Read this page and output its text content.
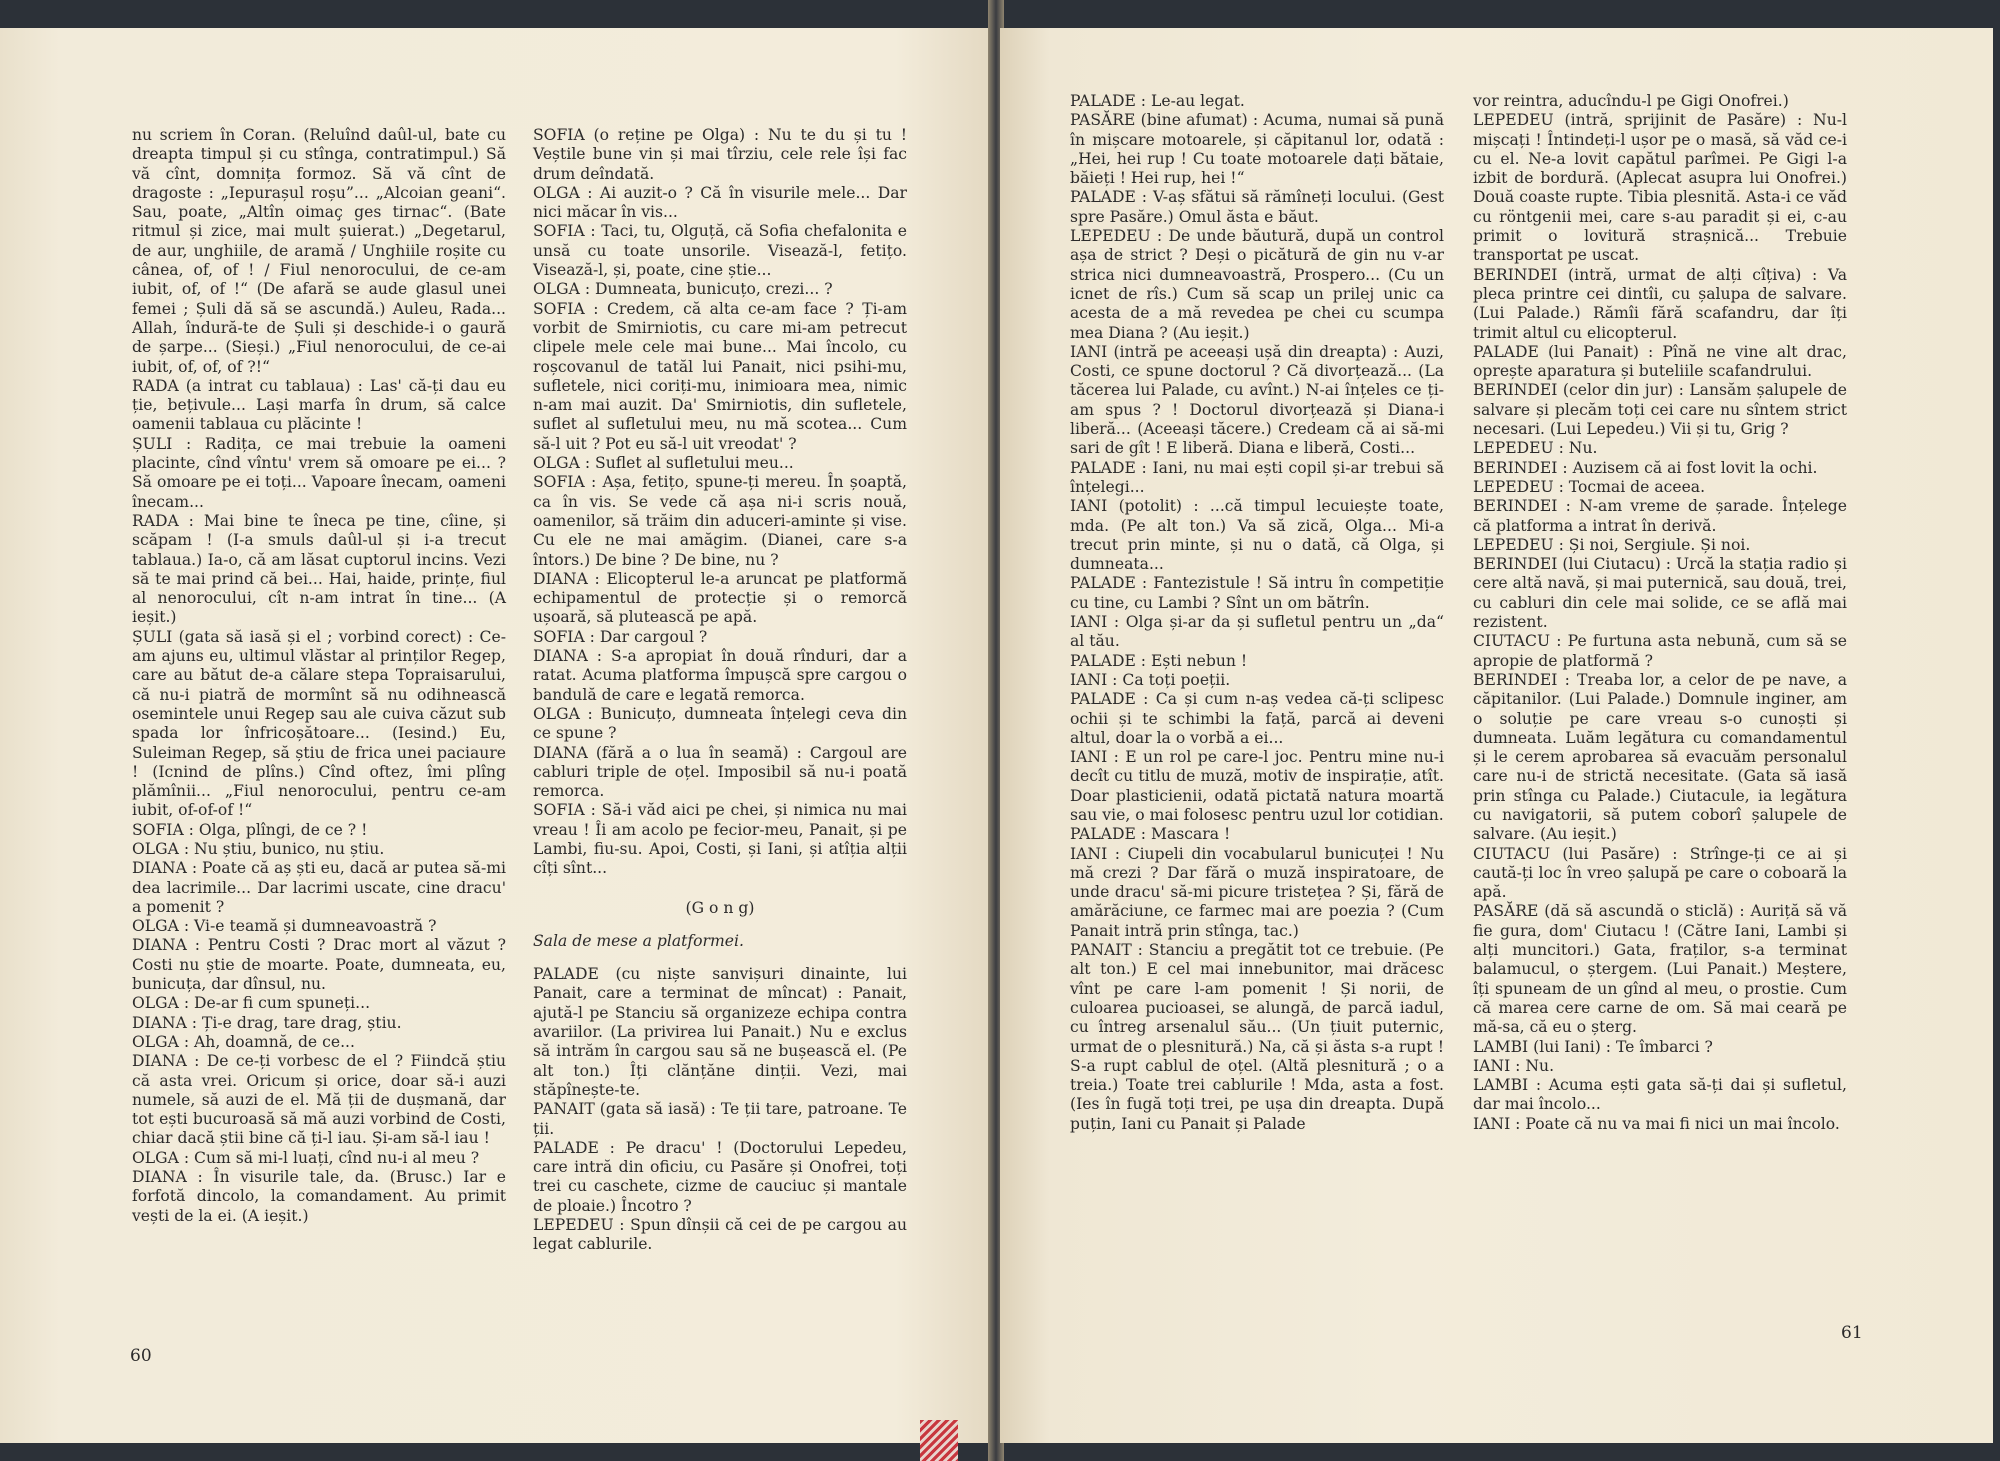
nu scriem în Coran. (Reluînd daûl-ul, bate cu dreapta timpul și cu stînga, contratimpul.) Să vă cînt, domnița formoz. Să vă cînt de dragoste : „Iepurașul roșu”... „Alcoian geani“. Sau, poate, „Altîn oimaç ges tirnac“. (Bate ritmul și zice, mai mult șuierat.) „Degetarul, de aur, unghiile, de aramă / Unghiile roșite cu cânea, of, of ! / Fiul nenorocului, de ce-am iubit, of, of !“ (De afară se aude glasul unei femei ; Șuli dă să se ascundă.) Auleu, Rada... Allah, îndură-te de Șuli și deschide-i o gaură de șarpe... (Sieși.) „Fiul nenorocului, de ce-ai iubit, of, of, of ?!“

RADA (a intrat cu tablaua) : Las' că-ți dau eu ție, bețivule... Lași marfa în drum, să calce oamenii tablaua cu plăcinte !

ȘULI : Radița, ce mai trebuie la oameni placinte, cînd vîntu' vrem să omoare pe ei... ? Să omoare pe ei toți... Vapoare înecam, oameni înecam...

RADA : Mai bine te îneca pe tine, cîine, și scăpam ! (I-a smuls daûl-ul și i-a trecut tablaua.) Ia-o, că am lăsat cuptorul incins. Vezi să te mai prind că bei... Hai, haide, prințe, fiul al nenorocului, cît n-am intrat în tine... (A ieșit.)

ȘULI (gata să iasă și el ; vorbind corect) : Ce-am ajuns eu, ultimul vlăstar al prinților Regep, care au bătut de-a călare stepa Topraisarului, că nu-i piatră de mormînt să nu odihnească osemintele unui Regep sau ale cuiva căzut sub spada lor înfricoșătoare... (Iesind.) Eu, Suleiman Regep, să știu de frica unei paciaure ! (Icnind de plîns.) Cînd oftez, îmi plîng plămînii... „Fiul nenorocului, pentru ce-am iubit, of-of-of !“

SOFIA : Olga, plîngi, de ce ? !

OLGA : Nu știu, bunico, nu știu.

DIANA : Poate că aș ști eu, dacă ar putea să-mi dea lacrimile... Dar lacrimi uscate, cine dracu' a pomenit ?

OLGA : Vi-e teamă și dumneavoastră ?

DIANA : Pentru Costi ? Drac mort al văzut ? Costi nu știe de moarte. Poate, dumneata, eu, bunicuța, dar dînsul, nu.

OLGA : De-ar fi cum spuneți...

DIANA : Ți-e drag, tare drag, știu.

OLGA : Ah, doamnă, de ce...

DIANA : De ce-ți vorbesc de el ? Fiindcă știu că asta vrei. Oricum și oricе, doar să-i auzi numele, să auzi de el. Mă ții de dușmană, dar tot ești bucuroasă să mă auzi vorbind de Costi, chiar dacă știi bine că ți-l iau. Și-am să-l iau !

OLGA : Cum să mi-l luați, cînd nu-i al meu ?

DIANA : În visurile tale, da. (Brusc.) Iar e forfotă dincolo, la comandament. Au primit vești de la ei. (A ieșit.)

SOFIA (o reține pe Olga) : Nu te du și tu ! Veștile bune vin și mai tîrziu, cele rele își fac drum deîndată.

OLGA : Ai auzit-o ? Că în visurile mele... Dar nici măcar în vis...

SOFIA : Taci, tu, Olguță, că Sofia chefalonita e unsă cu toate unsorile. Visează-l, fetițo. Visează-l, și, poate, cine știe...

OLGA : Dumneata, bunicuțo, crezi... ?

SOFIA : Credem, că alta ce-am face ? Ți-am vorbit de Smirniotis, cu care mi-am petrecut clipele mele cele mai bune... Mai încolo, cu roșcovanul de tatăl lui Panait, nici psihi-mu, sufletele, nici coriți-mu, inimioara mea, nimic n-am mai auzit. Da' Smirniotis, din sufletele, suflet al sufletului meu, nu mă scotea... Cum să-l uit ? Pot eu să-l uit vreodat' ?

OLGA : Suflet al sufletului meu...

SOFIA : Așa, fetițo, spune-ți mereu. În șoaptă, ca în vis. Se vede că așa ni-i scris nouă, oamenilor, să trăim din aduceri-aminte și vise. Cu ele ne mai amăgim. (Dianei, care s-a întors.) De bine ? De bine, nu ?

DIANA : Elicopterul le-a aruncat pe platformă echipamentul de protecție și o remorcă ușoară, să plutească pe apă.

SOFIA : Dar cargoul ?

DIANA : S-a apropiat în două rînduri, dar a ratat. Acuma platforma împușcă spre cargou o bandulă de care e legată remorca.

OLGA : Bunicuțo, dumneata înțelegi ceva din ce spune ?

DIANA (fără a o lua în seamă) : Cargoul are cabluri triple de oțel. Imposibil să nu-i poată remorca.

SOFIA : Să-i văd aici pe chei, și nimica nu mai vreau ! Îi am acolo pe fecior-meu, Panait, și pe Lambi, fiu-su. Apoi, Costi, și Iani, și atîția alții cîți sînt...

(G o n g)

Sala de mese a platformei.

PALADE (cu niște sanvișuri dinainte, lui Panait, care a terminat de mîncat) : Panait, ajută-l pe Stanciu să organizeze echipa contra avariilor. (La privirea lui Panait.) Nu e exclus să intrăm în cargou sau să ne bușească el. (Pe alt ton.) Îți clănțăne dinții. Vezi, mai stăpînește-te.

PANAIT (gata să iasă) : Te ții tare, patroane. Te ții.

PALADE : Pe dracu' ! (Doctorului Lepedeu, care intră din oficiu, cu Pasăre și Onofrei, toți trei cu caschete, cizme de cauciuc și mantale de ploaie.) Încotro ?

LEPEDEU : Spun dînșii că cei de pe cargou au legat cablurile.

60

PALADE : Le-au legat.

PASĂRE (bine afumat) : Acuma, numai să pună în mișcare motoarele, și căpitanul lor, odată : „Hei, hei rup ! Cu toate motoarele dați bătaie, băieți ! Hei rup, hei !“

PALADE : V-aș sfătui să rămîneți locului. (Gest spre Pasăre.) Omul ăsta e băut.

LEPEDEU : De unde băutură, după un control așa de strict ? Deși o picătură de gin nu v-ar strica nici dumneavoastră, Prospero... (Cu un icnet de rîs.) Cum să scap un prilej unic ca acesta de a mă revedea pe chei cu scumpa mea Diana ? (Au ieșit.)

IANI (intră pe aceeași ușă din dreapta) : Auzi, Costi, ce spune doctorul ? Că divorțează... (La tăcerea lui Palade, cu avînt.) N-ai înțeles ce ți-am spus ? ! Doctorul divorțează și Diana-i liberă... (Aceeași tăcere.) Credeam că ai să-mi sari de gît ! E liberă. Diana e liberă, Costi...

PALADE : Iani, nu mai ești copil și-ar trebui să înțelegi...

IANI (potolit) : ...că timpul lecuiește toate, mda. (Pe alt ton.) Va să zică, Olga... Mi-a trecut prin minte, și nu o dată, că Olga, și dumneata...

PALADE : Fantezistule ! Să intru în competiție cu tine, cu Lambi ? Sînt un om bătrîn.

IANI : Olga și-ar da și sufletul pentru un „da“ al tău.

PALADE : Ești nebun !

IANI : Ca toți poeții.

PALADE : Ca și cum n-aș vedea că-ți sclipesc ochii și te schimbi la față, parcă ai deveni altul, doar la o vorbă a ei...

IANI : E un rol pe care-l joc. Pentru mine nu-i decît cu titlu de muză, motiv de inspirație, atît. Doar plasticienii, odată pictată natura moartă sau vie, o mai folosesc pentru uzul lor cotidian.

PALADE : Mascara !

IANI : Ciupeli din vocabularul bunicuței ! Nu mă crezi ? Dar fără o muză inspiratoare, de unde dracu' să-mi picure tristețea ? Și, fără de amărăciune, ce farmec mai are poezia ? (Cum Panait intră prin stînga, tac.)

PANAIT : Stanciu a pregătit tot ce trebuie. (Pe alt ton.) E cel mai innebunitor, mai drăcesc vînt pe care l-am pomenit ! Și norii, de culoarea pucioasei, se alungă, de parcă iadul, cu întreg arsenalul său... (Un țiuit puternic, urmat de o plesnitură.) Na, că și ăsta s-a rupt ! S-a rupt cablul de oțel. (Altă plesnitură ; o a treia.) Toate trei cablurile ! Mda, asta a fost. (Ies în fugă toți trei, pe ușa din dreapta. După puțin, Iani cu Panait și Palade

vor reintra, aducîndu-l pe Gigi Onofrei.)

LEPEDEU (intră, sprijinit de Pasăre) : Nu-l mișcați ! Întindeți-l ușor pe o masă, să văd ce-i cu el. Ne-a lovit capătul parîmei. Pe Gigi l-a izbit de bordură. (Aplecat asupra lui Onofrei.) Două coaste rupte. Tibia plesnită. Asta-i ce văd cu röntgenii mei, care s-au paradit și ei, c-au primit o lovitură strașnică... Trebuie transportat pe uscat.

BERINDEI (intră, urmat de alți cîțiva) : Va pleca printre cei dintîi, cu șalupa de salvare. (Lui Palade.) Rămîi fără scafandru, dar îți trimit altul cu elicopterul.

PALADE (lui Panait) : Pînă ne vine alt drac, oprește aparatura și buteliile scafandrului.

BERINDEI (celor din jur) : Lansăm șalupele de salvare și plecăm toți cei care nu sîntem strict necesari. (Lui Lepedeu.) Vii și tu, Grig ?

LEPEDEU : Nu.

BERINDEI : Auzisem că ai fost lovit la ochi.

LEPEDEU : Tocmai de aceea.

BERINDEI : N-am vreme de șarade. Înțelege că platforma a intrat în derivă.

LEPEDEU : Și noi, Sergiule. Și noi.

BERINDEI (lui Ciutacu) : Urcă la stația radio și cere altă navă, și mai puternică, sau două, trei, cu cabluri din cele mai solide, ce se află mai rezistent.

CIUTACU : Pe furtuna asta nebună, cum să se apropie de platformă ?

BERINDEI : Treaba lor, a celor de pe nave, a căpitanilor. (Lui Palade.) Domnule inginer, am o soluție pe care vreau s-o cunoști și dumneata. Luăm legătura cu comandamentul și le cerem aprobarea să evacuăm personalul care nu-i de strictă necesitate. (Gata să iasă prin stînga cu Palade.) Ciutacule, ia legătura cu navigatorii, să putem coborî șalupele de salvare. (Au ieșit.)

CIUTACU (lui Pasăre) : Strînge-ți ce ai și caută-ți loc în vreo șalupă pe care o coboară la apă.

PASĂRE (dă să ascundă o sticlă) : Auriță să vă fie gura, dom' Ciutacu ! (Către Iani, Lambi și alți muncitori.) Gata, fraților, s-a terminat balamucul, o ștergem. (Lui Panait.) Meștere, îți spuneam de un gînd al meu, o prostie. Cum că marea cere carne de om. Să mai ceară pe mă-sa, că eu o șterg.

LAMBI (lui Iani) : Te îmbarci ?

IANI : Nu.

LAMBI : Acuma ești gata să-ți dai și sufletul, dar mai încolo...

IANI : Poate că nu va mai fi nici un mai încolo.

61
